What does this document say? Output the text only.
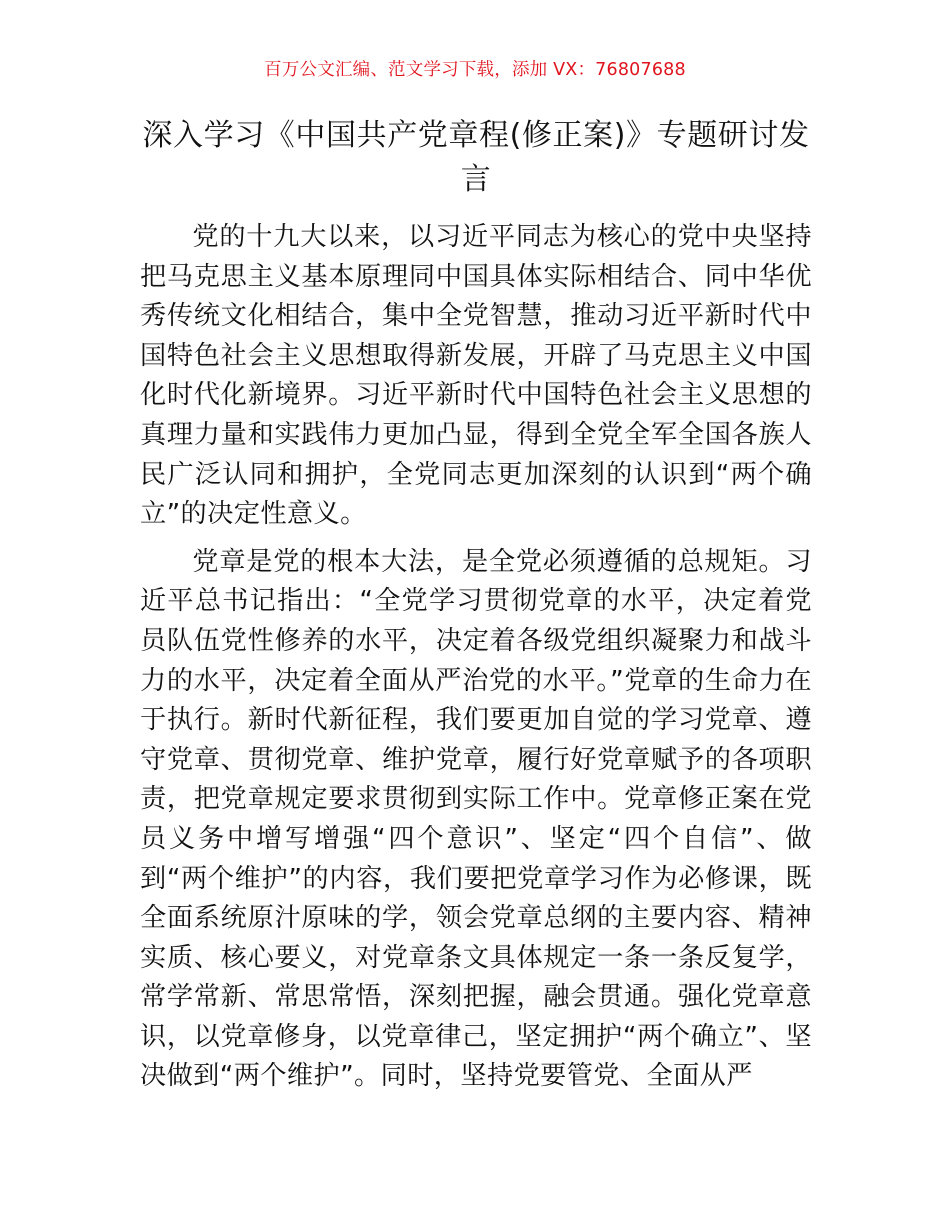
百万公文汇编、范文学习下载，添加 VX：76807688
深入学习《中国共产党章程(修正案)》专题研讨发言

党的十九大以来，以习近平同志为核心的党中央坚持把马克思主义基本原理同中国具体实际相结合、同中华优秀传统文化相结合，集中全党智慧，推动习近平新时代中国特色社会主义思想取得新发展，开辟了马克思主义中国化时代化新境界。习近平新时代中国特色社会主义思想的真理力量和实践伟力更加凸显，得到全党全军全国各族人民广泛认同和拥护，全党同志更加深刻的认识到“两个确立”的决定性意义。

党章是党的根本大法，是全党必须遵循的总规矩。习近平总书记指出：“全党学习贯彻党章的水平，决定着党员队伍党性修养的水平，决定着各级党组织凝聚力和战斗力的水平，决定着全面从严治党的水平。”党章的生命力在于执行。新时代新征程，我们要更加自觉的学习党章、遵守党章、贯彻党章、维护党章，履行好党章赋予的各项职责，把党章规定要求贯彻到实际工作中。党章修正案在党员义务中增写增强“四个意识”、坚定“四个自信”、做到“两个维护”的内容，我们要把党章学习作为必修课，既全面系统原汁原味的学，领会党章总纲的主要内容、精神实质、核心要义，对党章条文具体规定一条一条反复学，常学常新、常思常悟，深刻把握，融会贯通。强化党章意识，以党章修身，以党章律己，坚定拥护“两个确立”、坚决做到“两个维护”。同时，坚持党要管党、全面从严
